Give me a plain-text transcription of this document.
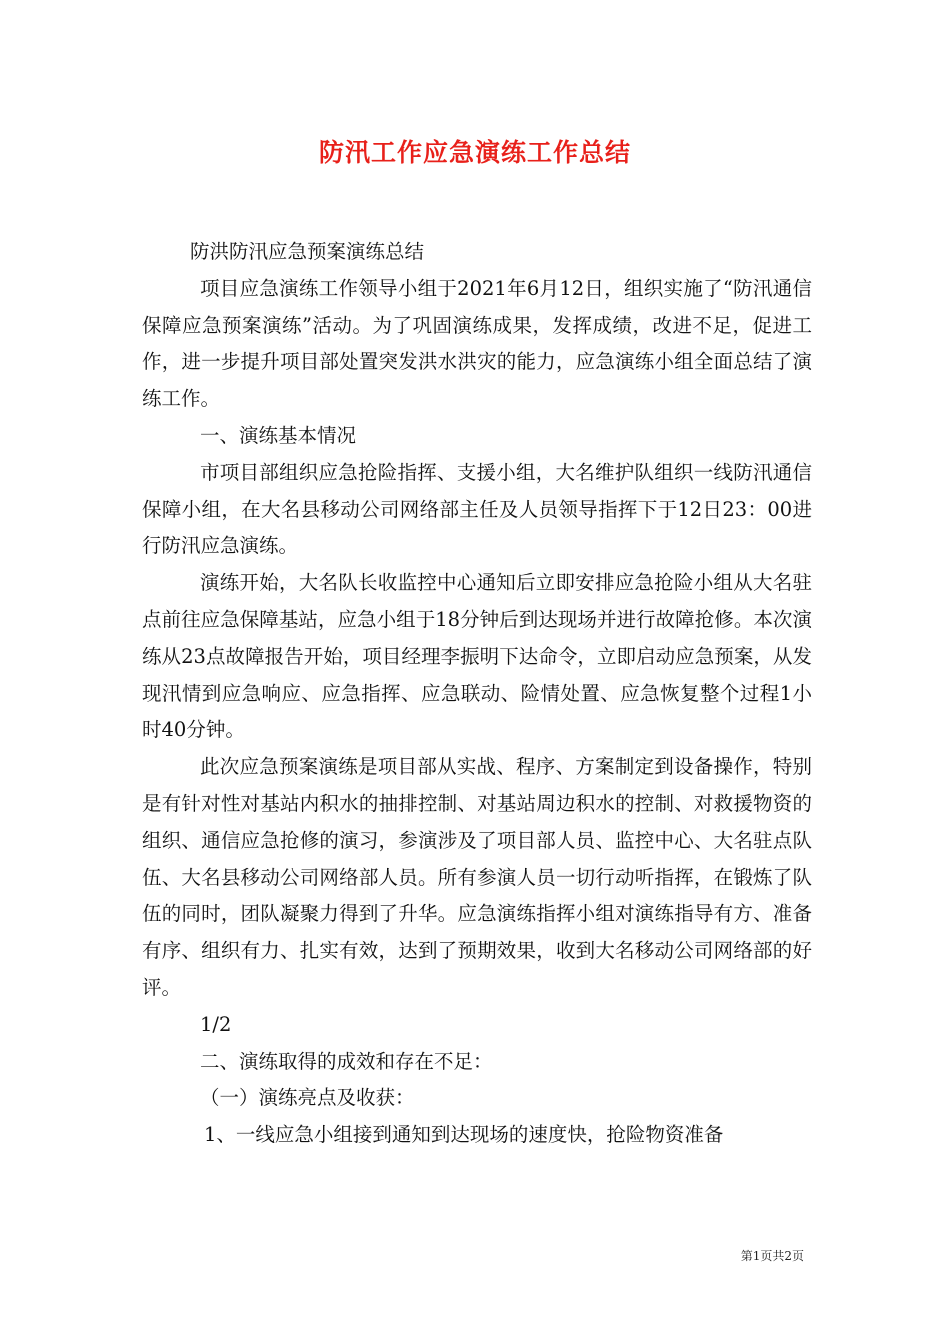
防汛工作应急演练工作总结

防洪防汛应急预案演练总结

项目应急演练工作领导小组于2021年6月12日，组织实施了“防汛通信保障应急预案演练”活动。为了巩固演练成果，发挥成绩，改进不足，促进工作，进一步提升项目部处置突发洪水洪灾的能力，应急演练小组全面总结了演练工作。

一、演练基本情况

市项目部组织应急抢险指挥、支援小组，大名维护队组织一线防汛通信保障小组，在大名县移动公司网络部主任及人员领导指挥下于12日23：00进行防汛应急演练。

演练开始，大名队长收监控中心通知后立即安排应急抢险小组从大名驻点前往应急保障基站，应急小组于18分钟后到达现场并进行故障抢修。本次演练从23点故障报告开始，项目经理李振明下达命令，立即启动应急预案，从发现汛情到应急响应、应急指挥、应急联动、险情处置、应急恢复整个过程1小时40分钟。

此次应急预案演练是项目部从实战、程序、方案制定到设备操作，特别是有针对性对基站内积水的抽排控制、对基站周边积水的控制、对救援物资的组织、通信应急抢修的演习，参演涉及了项目部人员、监控中心、大名驻点队伍、大名县移动公司网络部人员。所有参演人员一切行动听指挥，在锻炼了队伍的同时，团队凝聚力得到了升华。应急演练指挥小组对演练指导有方、准备有序、组织有力、扎实有效，达到了预期效果，收到大名移动公司网络部的好评。

1/2

二、演练取得的成效和存在不足：

（一）演练亮点及收获：

1、一线应急小组接到通知到达现场的速度快，抢险物资准备

第1页共2页
